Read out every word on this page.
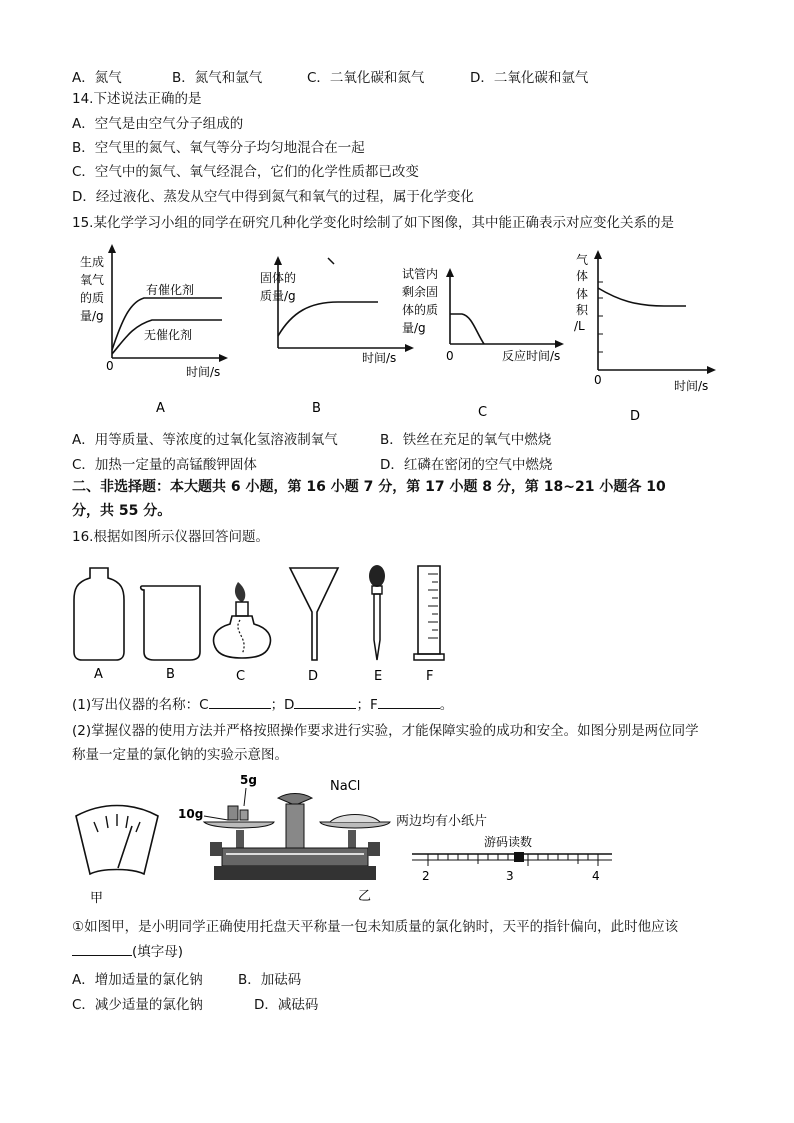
A．氮气	B．氮气和氩气	C．二氧化碳和氮气	D．二氧化碳和氩气
14.下述说法正确的是
A．空气是由空气分子组成的
B．空气里的氮气、氧气等分子均匀地混合在一起
C．空气中的氮气、氧气经混合，它们的化学性质都已改变
D．经过液化、蒸发从空气中得到氮气和氧气的过程，属于化学变化
15.某化学学习小组的同学在研究几种化学变化时绘制了如下图像，其中能正确表示对应变化关系的是
生成
氧气
的质
量/g
有催化剂
无催化剂
0	时间/s
A
固体的
质量/g
时间/s
B
试管内
剩余固
体的质
量/g
0	反应时间/s
C
气
体
体
积
/L
0	时间/s
D
A．用等质量、等浓度的过氧化氢溶液制氧气	B．铁丝在充足的氧气中燃烧
C．加热一定量的高锰酸钾固体	D．红磷在密闭的空气中燃烧
二、非选择题：本大题共 6 小题，第 16 小题 7 分，第 17 小题 8 分，第 18~21 小题各 10
分，共 55 分。
16.根据如图所示仪器回答问题。
A	B	C	D	E	F
(1)写出仪器的名称：C	；D	；F	。
(2)掌握仪器的使用方法并严格按照操作要求进行实验，才能保障实验的成功和安全。如图分别是两位同学
称量一定量的氯化钠的实验示意图。
甲
5g
10g
NaCl
乙
两边均有小纸片
游码读数
2	3	4
①如图甲，是小明同学正确使用托盘天平称量一包未知质量的氯化钠时，天平的指针偏向，此时他应该
(填字母)
A．增加适量的氯化钠	B．加砝码
C．减少适量的氯化钠	D．减砝码
